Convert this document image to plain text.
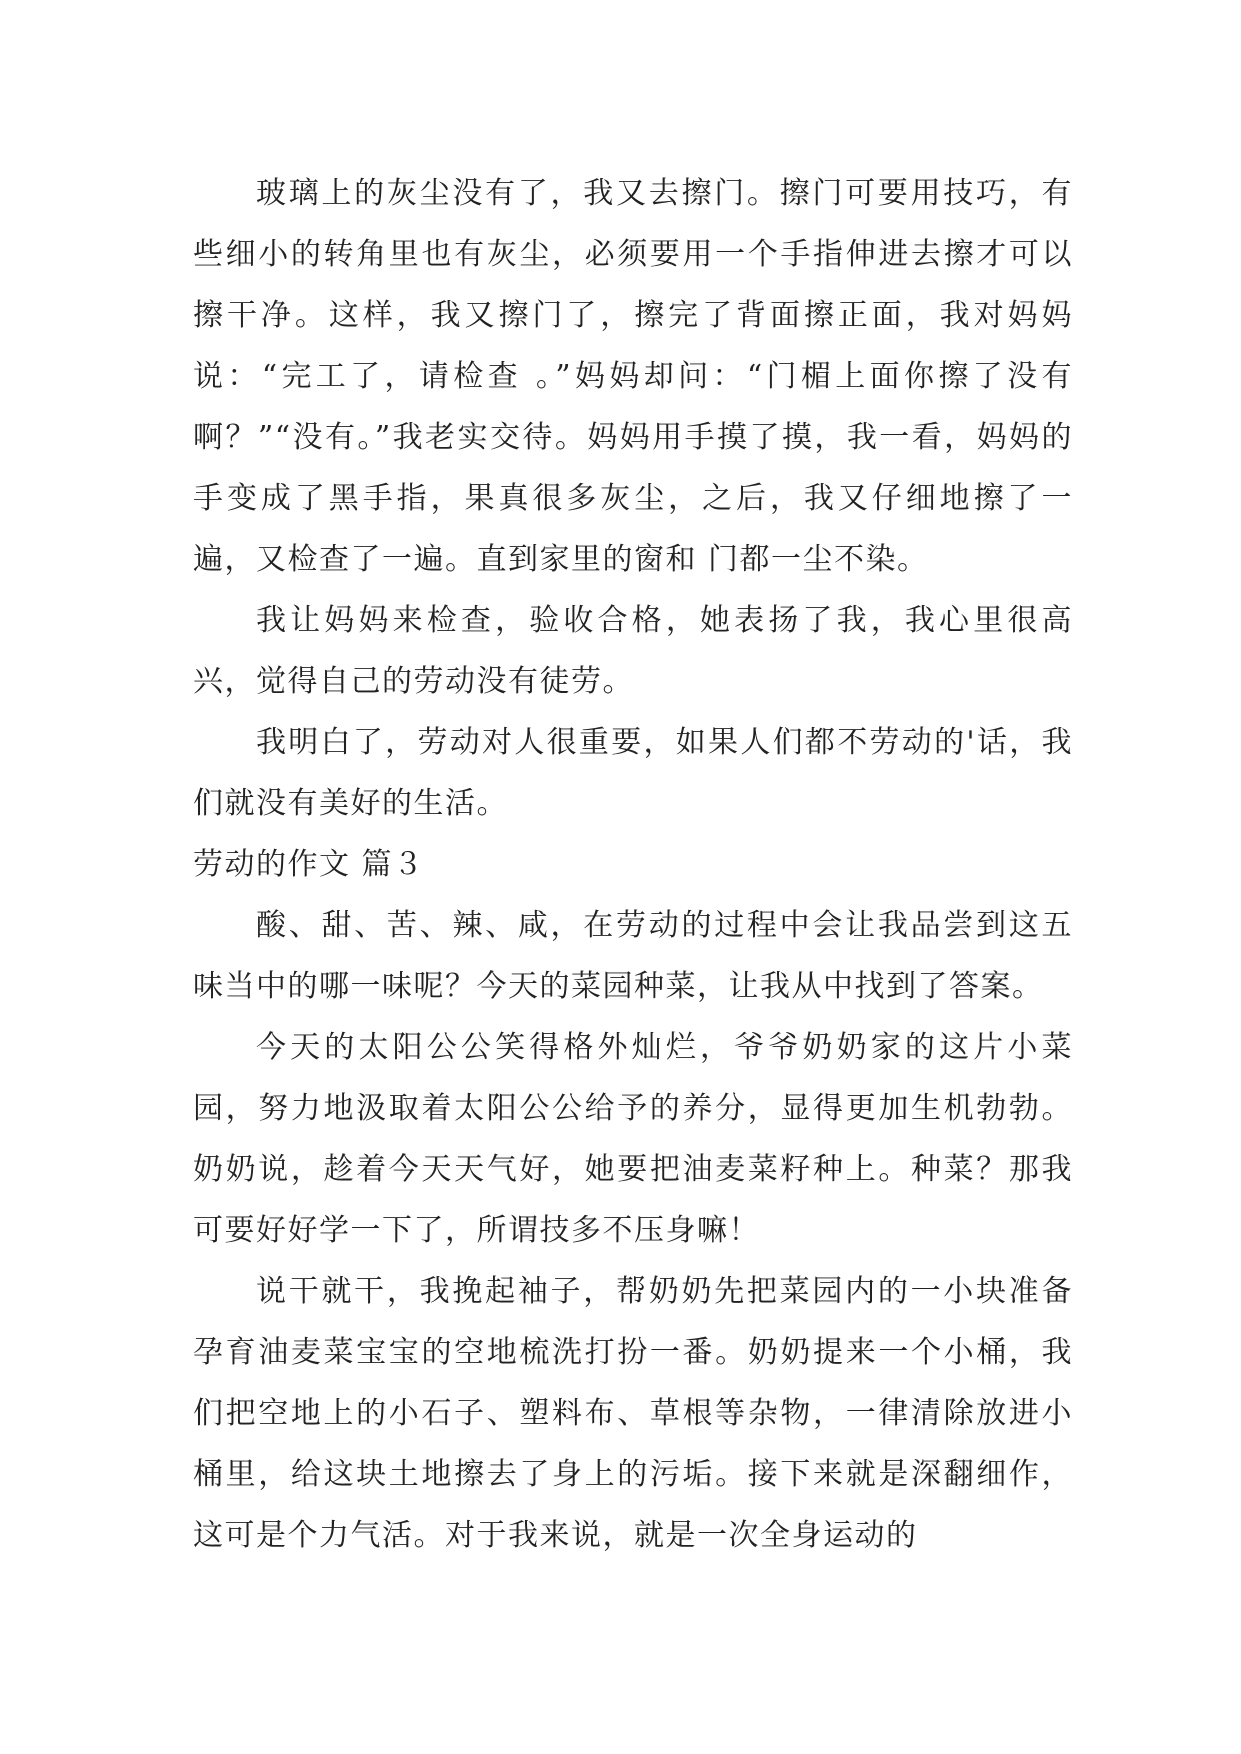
玻璃上的灰尘没有了，我又去擦门。擦门可要用技巧，有些细小的转角里也有灰尘，必须要用一个手指伸进去擦才可以擦干净。这样，我又擦门了，擦完了背面擦正面，我对妈妈说：“完工了，请检查 。”妈妈却问：“门楣上面你擦了没有啊？”“没有。”我老实交待。妈妈用手摸了摸，我一看，妈妈的手变成了黑手指，果真很多灰尘，之后，我又仔细地擦了一遍，又检查了一遍。直到家里的窗和 门都一尘不染。

我让妈妈来检查，验收合格，她表扬了我，我心里很高兴，觉得自己的劳动没有徒劳。

我明白了，劳动对人很重要，如果人们都不劳动的'话，我们就没有美好的生活。

劳动的作文 篇３

酸、甜、苦、辣、咸，在劳动的过程中会让我品尝到这五味当中的哪一味呢？今天的菜园种菜，让我从中找到了答案。

今天的太阳公公笑得格外灿烂，爷爷奶奶家的这片小菜园，努力地汲取着太阳公公给予的养分，显得更加生机勃勃。奶奶说，趁着今天天气好，她要把油麦菜籽种上。种菜？那我可要好好学一下了，所谓技多不压身嘛！

说干就干，我挽起袖子，帮奶奶先把菜园内的一小块准备孕育油麦菜宝宝的空地梳洗打扮一番。奶奶提来一个小桶，我们把空地上的小石子、塑料布、草根等杂物，一律清除放进小桶里，给这块土地擦去了身上的污垢。接下来就是深翻细作，这可是个力气活。对于我来说，就是一次全身运动的
